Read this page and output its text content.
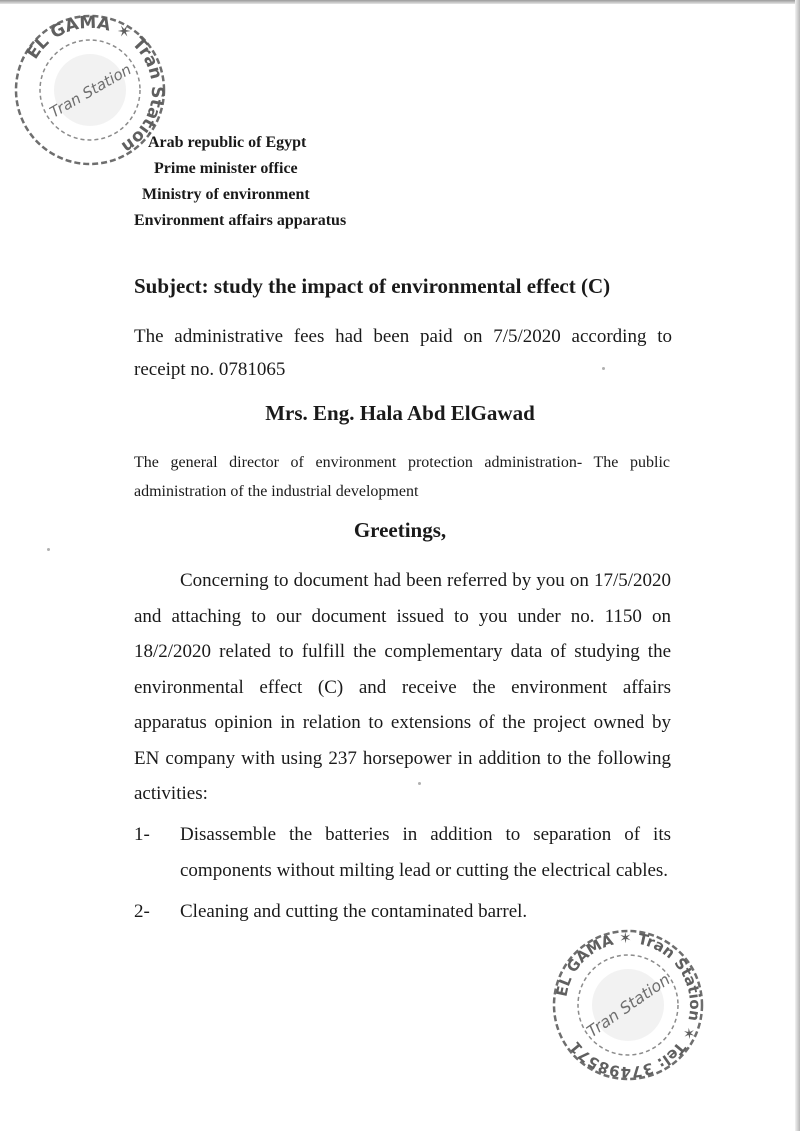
EL GAMA ✶ Tran Station
Tran Station
Arab republic of Egypt
Prime minister office
Ministry of environment
Environment affairs apparatus
Subject: study the impact of environmental effect (C)
The administrative fees had been paid on 7/5/2020 according to receipt no. 0781065
Mrs. Eng. Hala Abd ElGawad
The general director of environment protection administration- The public administration of the industrial development
Greetings,
Concerning to document had been referred by you on 17/5/2020 and attaching to our document issued to you under no. 1150 on 18/2/2020 related to fulfill the complementary data of studying the environmental effect (C) and receive the environment affairs apparatus opinion in relation to extensions of the project owned by EN company with using 237 horsepower in addition to the following activities:
1-	Disassemble the batteries in addition to separation of its components without milting lead or cutting the electrical cables.
2-	Cleaning and cutting the contaminated barrel.
EL GAMA ✶ Tran Station ✶ Tel: 37498571
Tran Station
